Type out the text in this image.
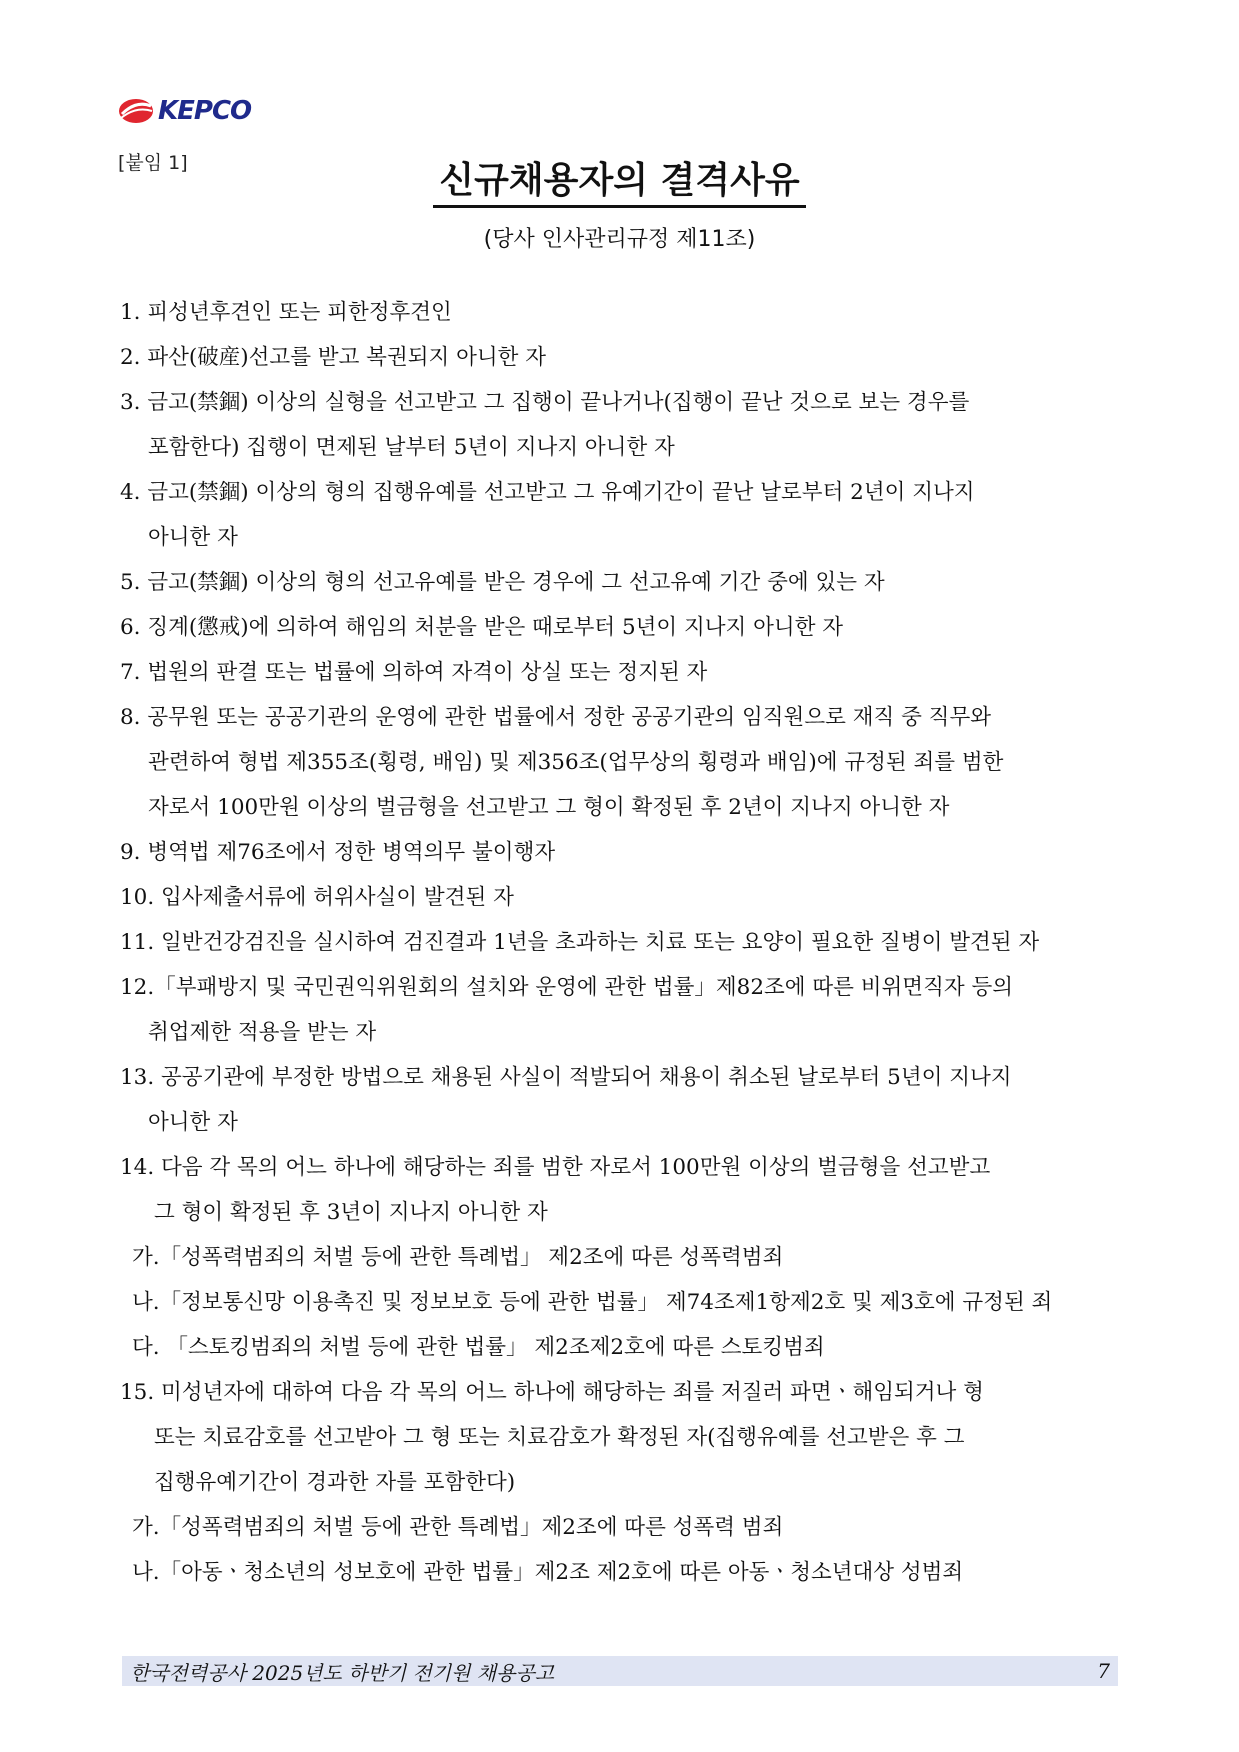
KEPCO
[붙임 1]	신규채용자의 결격사유
(당사 인사관리규정 제11조)
1. 피성년후견인 또는 피한정후견인
2. 파산(破産)선고를 받고 복권되지 아니한 자
3. 금고(禁錮) 이상의 실형을 선고받고 그 집행이 끝나거나(집행이 끝난 것으로 보는 경우를
포함한다) 집행이 면제된 날부터 5년이 지나지 아니한 자
4. 금고(禁錮) 이상의 형의 집행유예를 선고받고 그 유예기간이 끝난 날로부터 2년이 지나지
아니한 자
5. 금고(禁錮) 이상의 형의 선고유예를 받은 경우에 그 선고유예 기간 중에 있는 자
6. 징계(懲戒)에 의하여 해임의 처분을 받은 때로부터 5년이 지나지 아니한 자
7. 법원의 판결 또는 법률에 의하여 자격이 상실 또는 정지된 자
8. 공무원 또는 공공기관의 운영에 관한 법률에서 정한 공공기관의 임직원으로 재직 중 직무와
관련하여 형법 제355조(횡령, 배임) 및 제356조(업무상의 횡령과 배임)에 규정된 죄를 범한
자로서 100만원 이상의 벌금형을 선고받고 그 형이 확정된 후 2년이 지나지 아니한 자
9. 병역법 제76조에서 정한 병역의무 불이행자
10. 입사제출서류에 허위사실이 발견된 자
11. 일반건강검진을 실시하여 검진결과 1년을 초과하는 치료 또는 요양이 필요한 질병이 발견된 자
12.「부패방지 및 국민권익위원회의 설치와 운영에 관한 법률」제82조에 따른 비위면직자 등의
취업제한 적용을 받는 자
13. 공공기관에 부정한 방법으로 채용된 사실이 적발되어 채용이 취소된 날로부터 5년이 지나지
아니한 자
14. 다음 각 목의 어느 하나에 해당하는 죄를 범한 자로서 100만원 이상의 벌금형을 선고받고
그 형이 확정된 후 3년이 지나지 아니한 자
가.「성폭력범죄의 처벌 등에 관한 특례법」 제2조에 따른 성폭력범죄
나.「정보통신망 이용촉진 및 정보보호 등에 관한 법률」 제74조제1항제2호 및 제3호에 규정된 죄
다. 「스토킹범죄의 처벌 등에 관한 법률」 제2조제2호에 따른 스토킹범죄
15. 미성년자에 대하여 다음 각 목의 어느 하나에 해당하는 죄를 저질러 파면ㆍ해임되거나 형
또는 치료감호를 선고받아 그 형 또는 치료감호가 확정된 자(집행유예를 선고받은 후 그
집행유예기간이 경과한 자를 포함한다)
가.「성폭력범죄의 처벌 등에 관한 특례법」제2조에 따른 성폭력 범죄
나.「아동ㆍ청소년의 성보호에 관한 법률」제2조 제2호에 따른 아동ㆍ청소년대상 성범죄
한국전력공사 2025년도 하반기 전기원 채용공고	7
